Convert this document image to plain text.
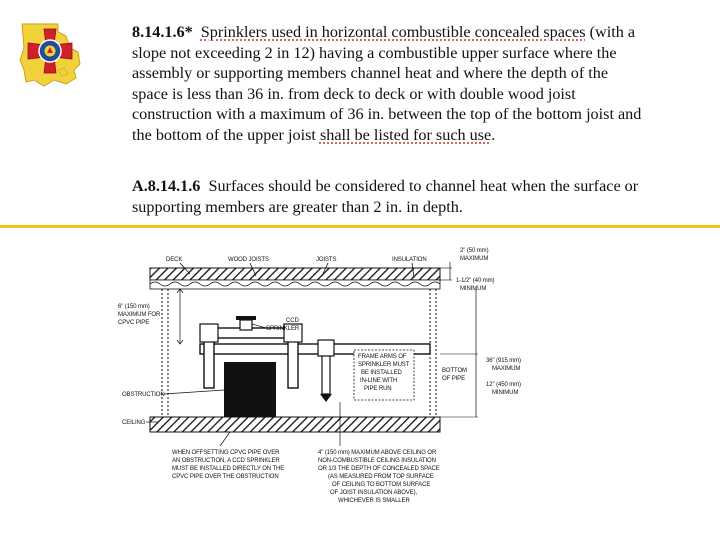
8.14.1.6* Sprinklers used in horizontal combustible concealed spaces (with a
slope not exceeding 2 in 12) having a combustible upper surface where the
assembly or supporting members channel heat and where the depth of the
space is less than 36 in. from deck to deck or with double wood joist
construction with a maximum of 36 in. between the top of the bottom joist and
the bottom of the upper joist shall be listed for such use.

A.8.14.1.6 Surfaces should be considered to channel heat when the surface or
supporting members are greater than 2 in. in depth.

DECK	WOOD JOISTS	JOISTS	INSULATION
FRAME ARMS OF
SPRINKLER MUST
BE INSTALLED
IN-LINE WITH
PIPE RUN
CCD
SPRINKLER
6" (150 mm)
MAXIMUM FOR
CPVC PIPE
OBSTRUCTION
CEILING
2" (50 mm)
MAXIMUM
1-1/2" (40 mm)
MINIMUM
BOTTOM
OF PIPE
36" (915 mm)
MAXIMUM
12" (450 mm)
MINIMUM
WHEN OFFSETTING CPVC PIPE OVER
AN OBSTRUCTION, A CCD SPRINKLER
MUST BE INSTALLED DIRECTLY ON THE
CPVC PIPE OVER THE OBSTRUCTION
4" (150 mm) MAXIMUM ABOVE CEILING OR
NON-COMBUSTIBLE CEILING INSULATION
OR 1/3 THE DEPTH OF CONCEALED SPACE
(AS MEASURED FROM TOP SURFACE
OF CEILING TO BOTTOM SURFACE
OF JOIST INSULATION ABOVE),
WHICHEVER IS SMALLER
